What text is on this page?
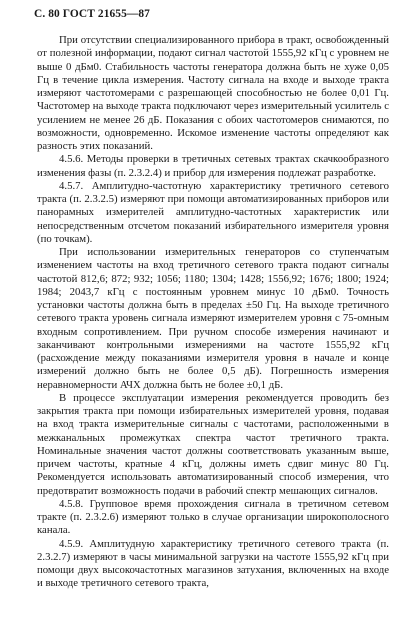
С. 80 ГОСТ 21655—87

При отсутствии специализированного прибора в тракт, освобожденный от полезной информации, подают сигнал частотой 1555,92 кГц с уровнем не выше 0 дБм0. Стабильность частоты генератора должна быть не хуже 0,05 Гц в течение цикла измерения. Частоту сигнала на входе и выходе тракта измеряют частотомерами с разрешающей способностью не более 0,01 Гц. Частотомер на выходе тракта подключают через измерительный усилитель с усилением не менее 26 дБ. Показания с обоих частотомеров снимаются, по возможности, одновременно. Искомое изменение частоты определяют как разность этих показаний.

4.5.6. Методы проверки в третичных сетевых трактах скачкообразного изменения фазы (п. 2.3.2.4) и прибор для измерения подлежат разработке.

4.5.7. Амплитудно-частотную характеристику третичного сетевого тракта (п. 2.3.2.5) измеряют при помощи автоматизированных приборов или панорамных измерителей амплитудно-частотных характеристик или непосредственным отсчетом показаний избирательного измерителя уровня (по точкам).

При использовании измерительных генераторов со ступенчатым изменением частоты на вход третичного сетевого тракта подают сигналы частотой 812,6; 872; 932; 1056; 1180; 1304; 1428; 1556,92; 1676; 1800; 1924; 1984; 2043,7 кГц с постоянным уровнем минус 10 дБм0. Точность установки частоты должна быть в пределах ±50 Гц. На выходе третичного сетевого тракта уровень сигнала измеряют измерителем уровня с 75-омным входным сопротивлением. При ручном способе измерения начинают и заканчивают контрольными измерениями на частоте 1555,92 кГц (расхождение между показаниями измерителя уровня в начале и конце измерений должно быть не более 0,5 дБ). Погрешность измерения неравномерности АЧХ должна быть не более ±0,1 дБ.

В процессе эксплуатации измерения рекомендуется проводить без закрытия тракта при помощи избирательных измерителей уровня, подавая на вход тракта измерительные сигналы с частотами, расположенными в межканальных промежутках спектра частот третичного тракта. Номинальные значения частот должны соответствовать указанным выше, причем частоты, кратные 4 кГц, должны иметь сдвиг минус 80 Гц. Рекомендуется использовать автоматизированный способ измерения, что предотвратит возможность подачи в рабочий спектр мешающих сигналов.

4.5.8. Групповое время прохождения сигнала в третичном сетевом тракте (п. 2.3.2.6) измеряют только в случае организации широкополосного канала.

4.5.9. Амплитудную характеристику третичного сетевого тракта (п. 2.3.2.7) измеряют в часы минимальной загрузки на частоте 1555,92 кГц при помощи двух высокочастотных магазинов затухания, включенных на входе и выходе третичного сетевого тракта,
